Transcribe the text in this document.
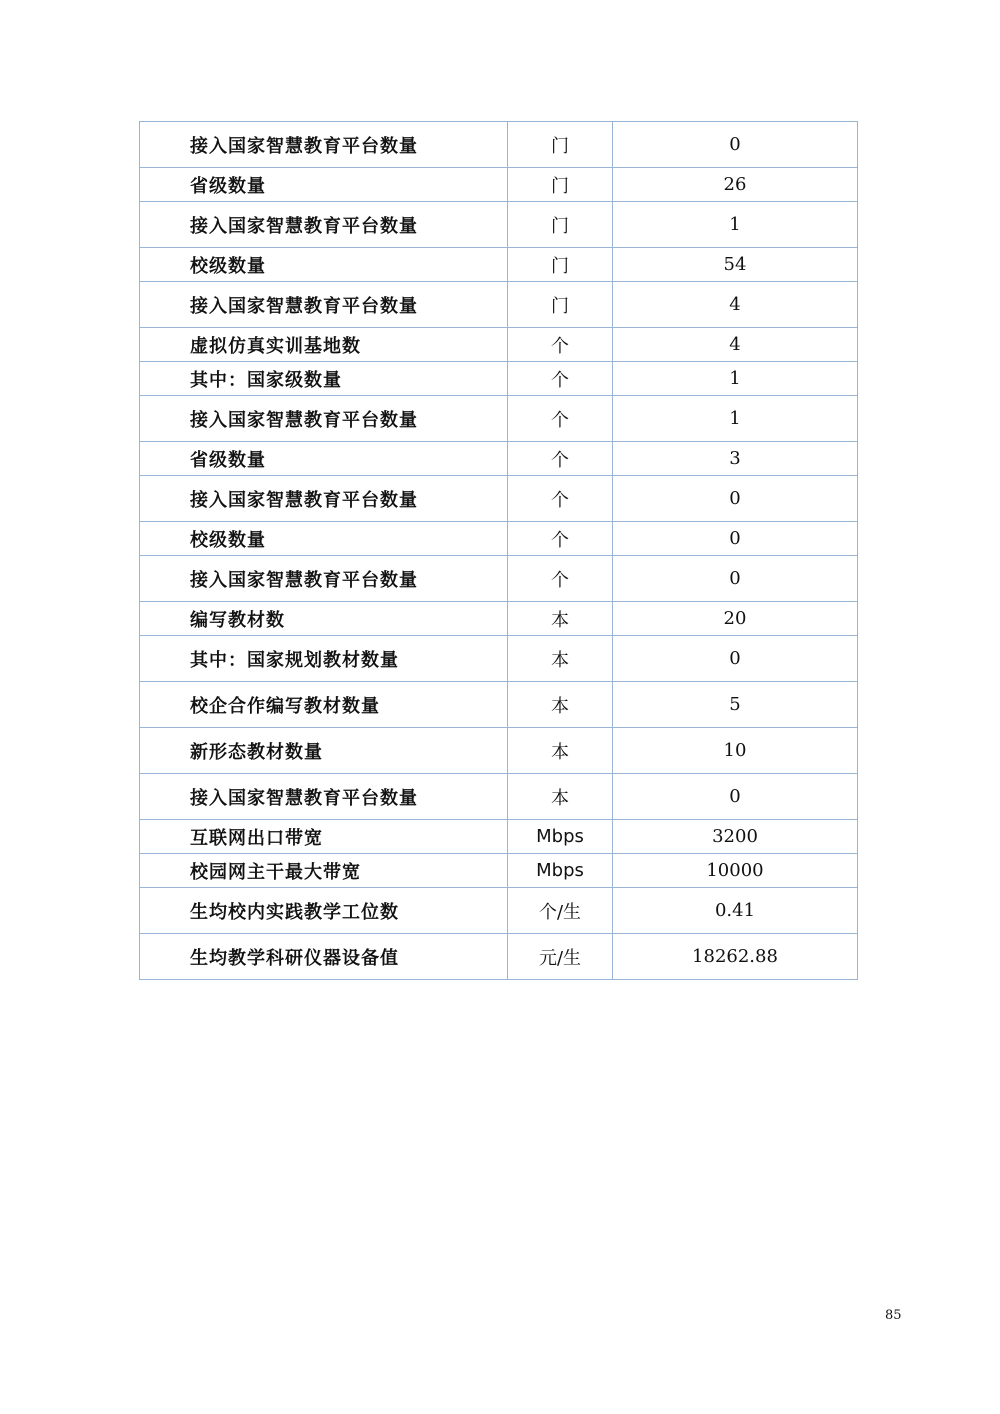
接入国家智慧教育平台数量	门	0
省级数量	门	26
接入国家智慧教育平台数量	门	1
校级数量	门	54
接入国家智慧教育平台数量	门	4
虚拟仿真实训基地数	个	4
其中：国家级数量	个	1
接入国家智慧教育平台数量	个	1
省级数量	个	3
接入国家智慧教育平台数量	个	0
校级数量	个	0
接入国家智慧教育平台数量	个	0
编写教材数	本	20
其中：国家规划教材数量	本	0
校企合作编写教材数量	本	5
新形态教材数量	本	10
接入国家智慧教育平台数量	本	0
互联网出口带宽	Mbps	3200
校园网主干最大带宽	Mbps	10000
生均校内实践教学工位数	个/生	0.41
生均教学科研仪器设备值	元/生	18262.88
85
